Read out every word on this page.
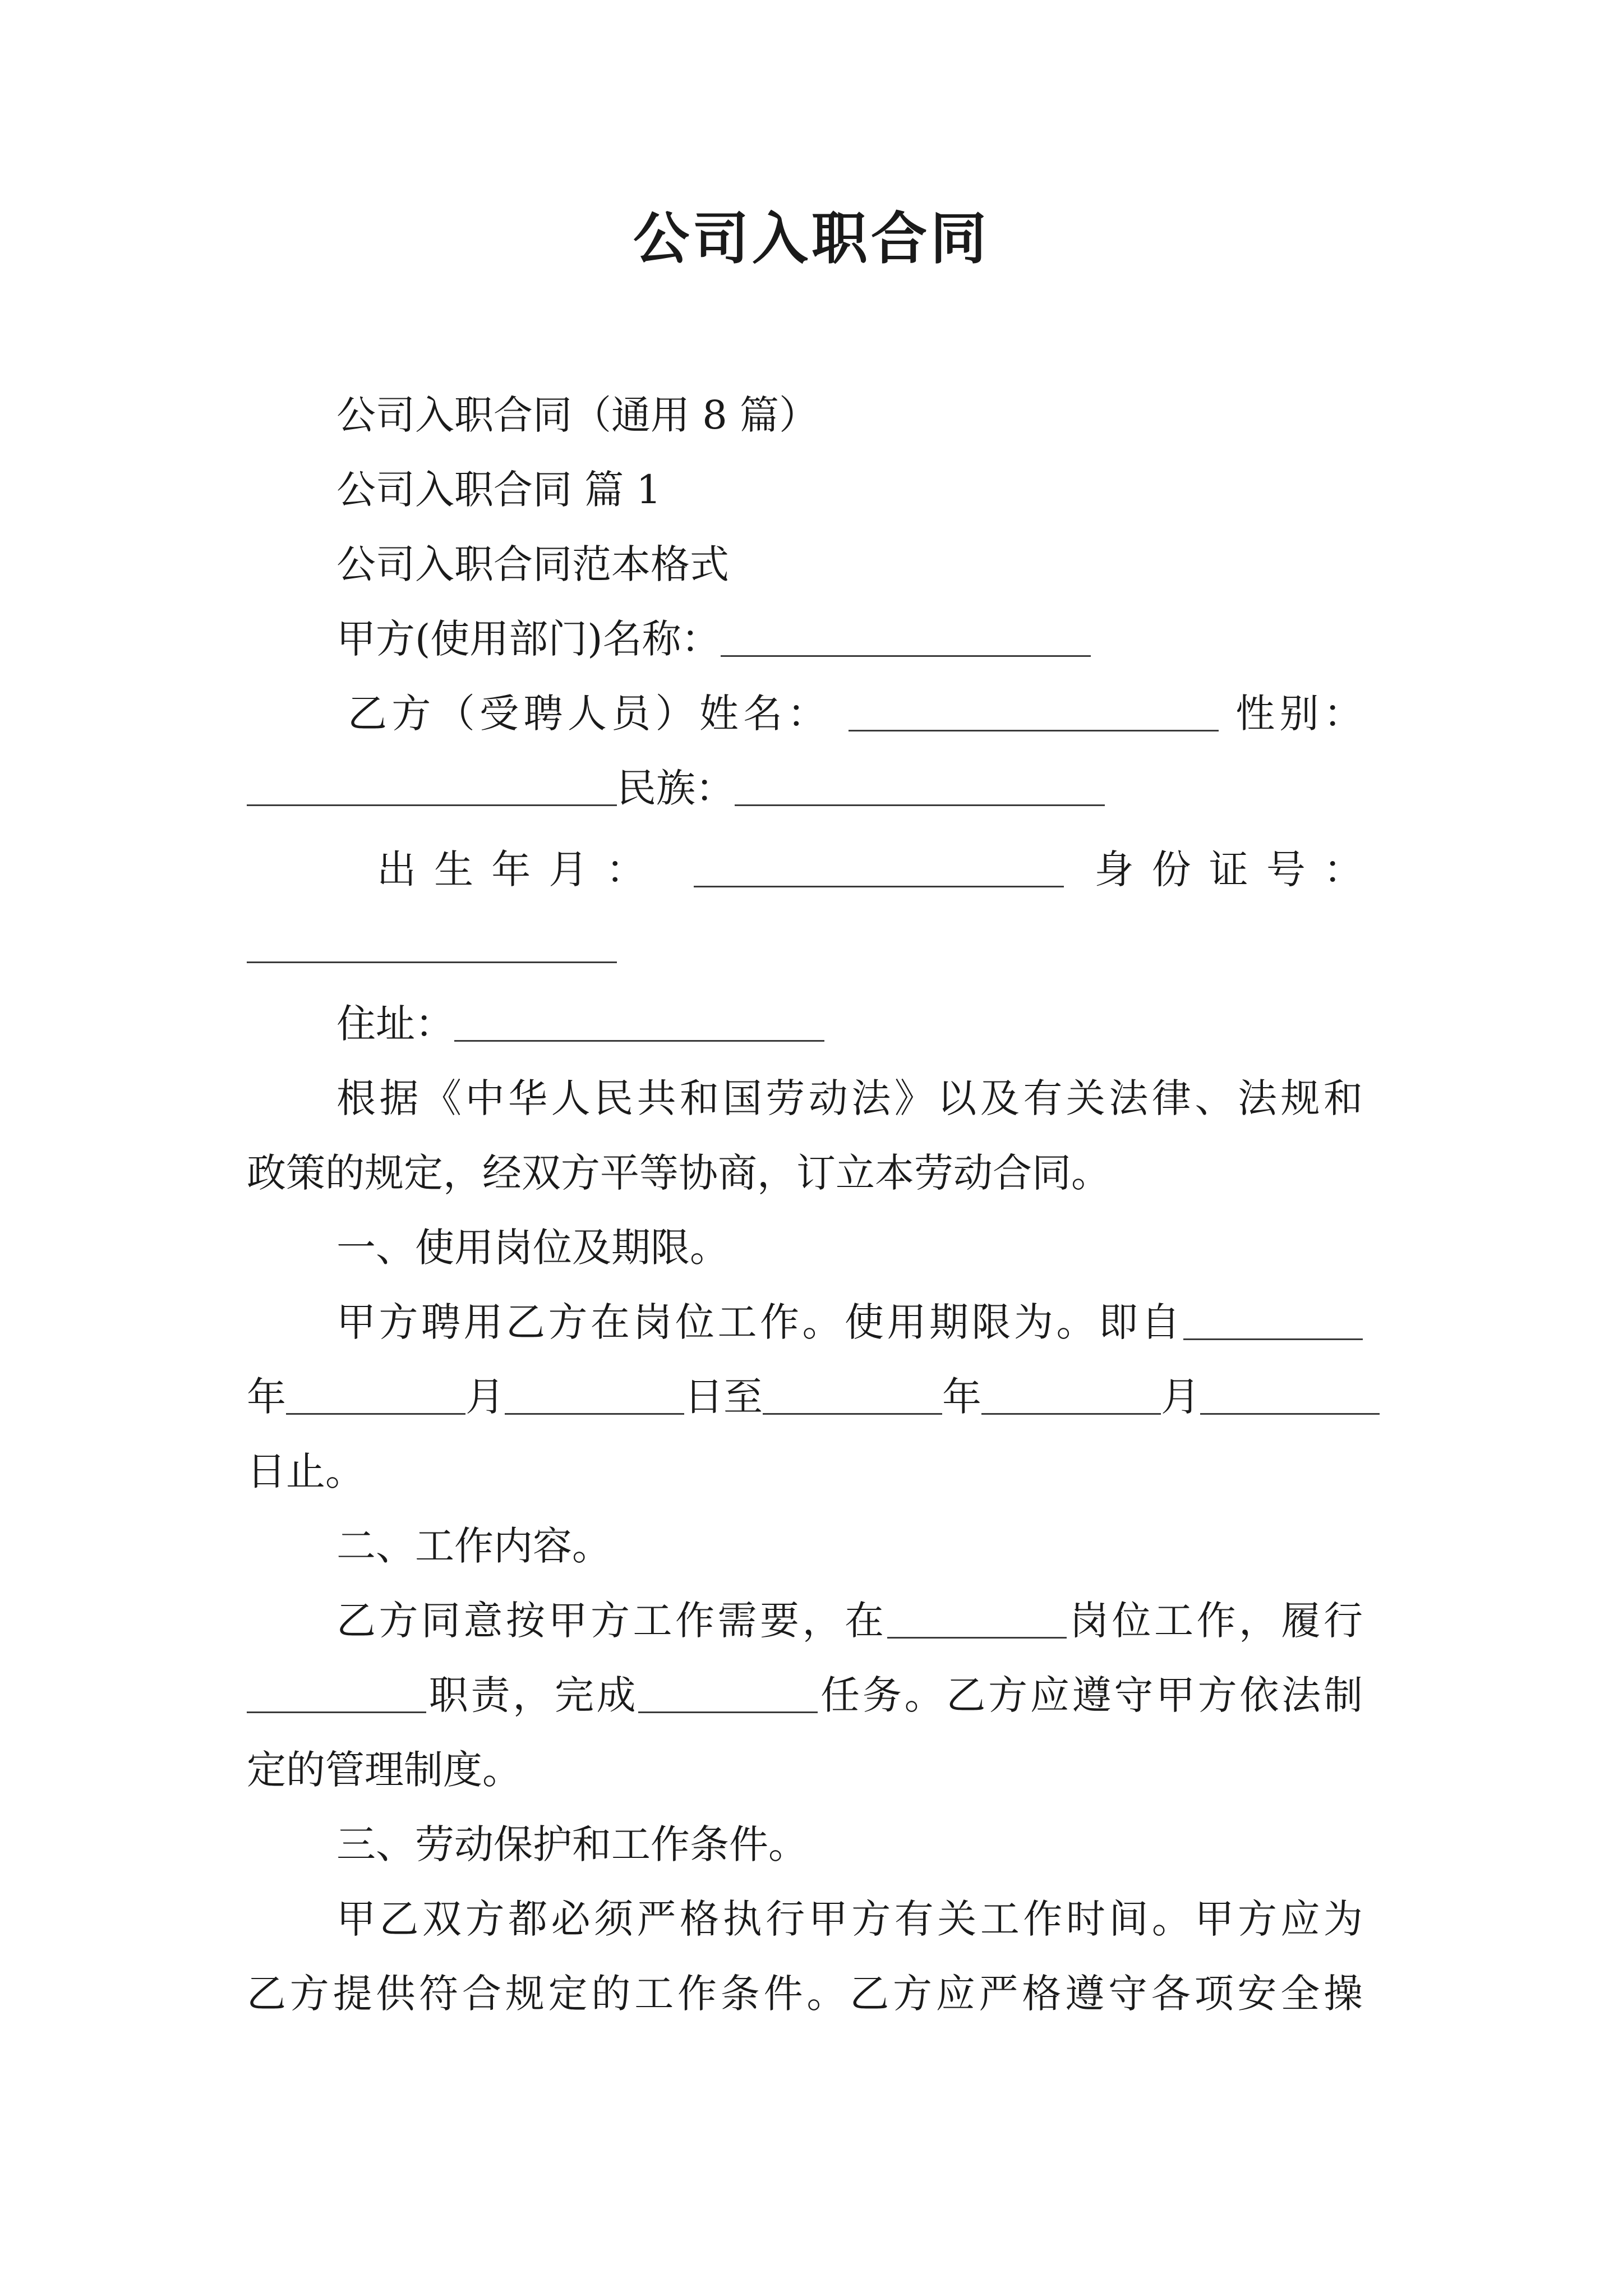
公司入职合同
公司入职合同（通用 8 篇）
公司入职合同 篇 1
公司入职合同范本格式
甲方(使用部门)名称：
乙方（受聘人员）姓名：	性别：
民族：
出生年月：	身份证号：
住址：
根据《中华人民共和国劳动法》以及有关法律、法规和
政策的规定，经双方平等协商，订立本劳动合同。
一、使用岗位及期限。
甲方聘用乙方在岗位工作。使用期限为。即自
年	月	日至	年	月
日止。
二、工作内容。
乙方同意按甲方工作需要，在	岗位工作，履行
职责，完成	任务。乙方应遵守甲方依法制
定的管理制度。
三、劳动保护和工作条件。
甲乙双方都必须严格执行甲方有关工作时间。甲方应为
乙方提供符合规定的工作条件。乙方应严格遵守各项安全操
